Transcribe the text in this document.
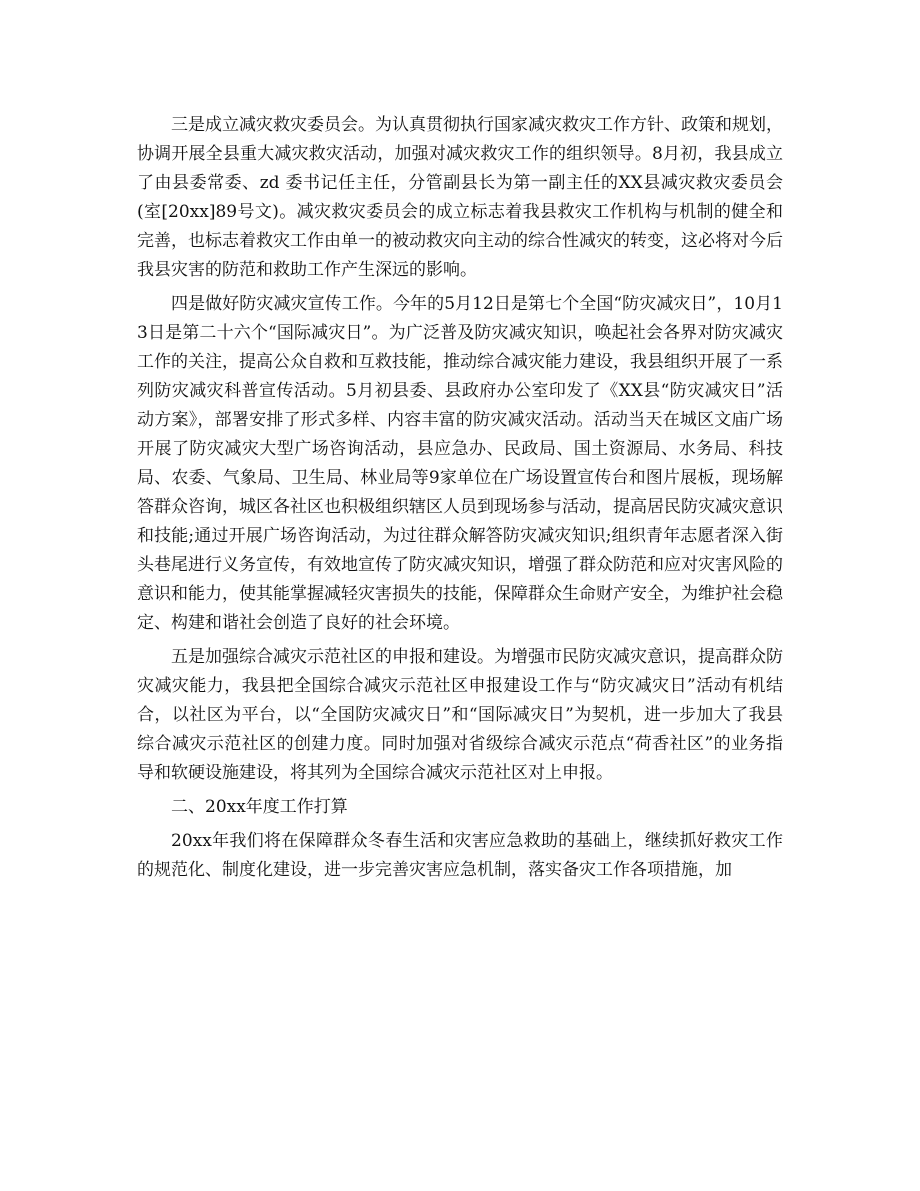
三是成立减灾救灾委员会。为认真贯彻执行国家减灾救灾工作方针、政策和规划，协调开展全县重大减灾救灾活动，加强对减灾救灾工作的组织领导。8月初，我县成立了由县委常委、zd 委书记任主任，分管副县长为第一副主任的XX县减灾救灾委员会(室[20xx]89号文)。减灾救灾委员会的成立标志着我县救灾工作机构与机制的健全和完善，也标志着救灾工作由单一的被动救灾向主动的综合性减灾的转变，这必将对今后我县灾害的防范和救助工作产生深远的影响。

四是做好防灾减灾宣传工作。今年的5月12日是第七个全国“防灾减灾日”，10月13日是第二十六个“国际减灾日”。为广泛普及防灾减灾知识，唤起社会各界对防灾减灾工作的关注，提高公众自救和互救技能，推动综合减灾能力建设，我县组织开展了一系列防灾减灾科普宣传活动。5月初县委、县政府办公室印发了《XX县“防灾减灾日”活动方案》，部署安排了形式多样、内容丰富的防灾减灾活动。活动当天在城区文庙广场开展了防灾减灾大型广场咨询活动，县应急办、民政局、国土资源局、水务局、科技局、农委、气象局、卫生局、林业局等9家单位在广场设置宣传台和图片展板，现场解答群众咨询，城区各社区也积极组织辖区人员到现场参与活动，提高居民防灾减灾意识和技能;通过开展广场咨询活动，为过往群众解答防灾减灾知识;组织青年志愿者深入街头巷尾进行义务宣传，有效地宣传了防灾减灾知识，增强了群众防范和应对灾害风险的意识和能力，使其能掌握减轻灾害损失的技能，保障群众生命财产安全，为维护社会稳定、构建和谐社会创造了良好的社会环境。

五是加强综合减灾示范社区的申报和建设。为增强市民防灾减灾意识，提高群众防灾减灾能力，我县把全国综合减灾示范社区申报建设工作与“防灾减灾日”活动有机结合，以社区为平台，以“全国防灾减灾日”和“国际减灾日”为契机，进一步加大了我县综合减灾示范社区的创建力度。同时加强对省级综合减灾示范点“荷香社区”的业务指导和软硬设施建设，将其列为全国综合减灾示范社区对上申报。

二、20xx年度工作打算

20xx年我们将在保障群众冬春生活和灾害应急救助的基础上，继续抓好救灾工作的规范化、制度化建设，进一步完善灾害应急机制，落实备灾工作各项措施，加
